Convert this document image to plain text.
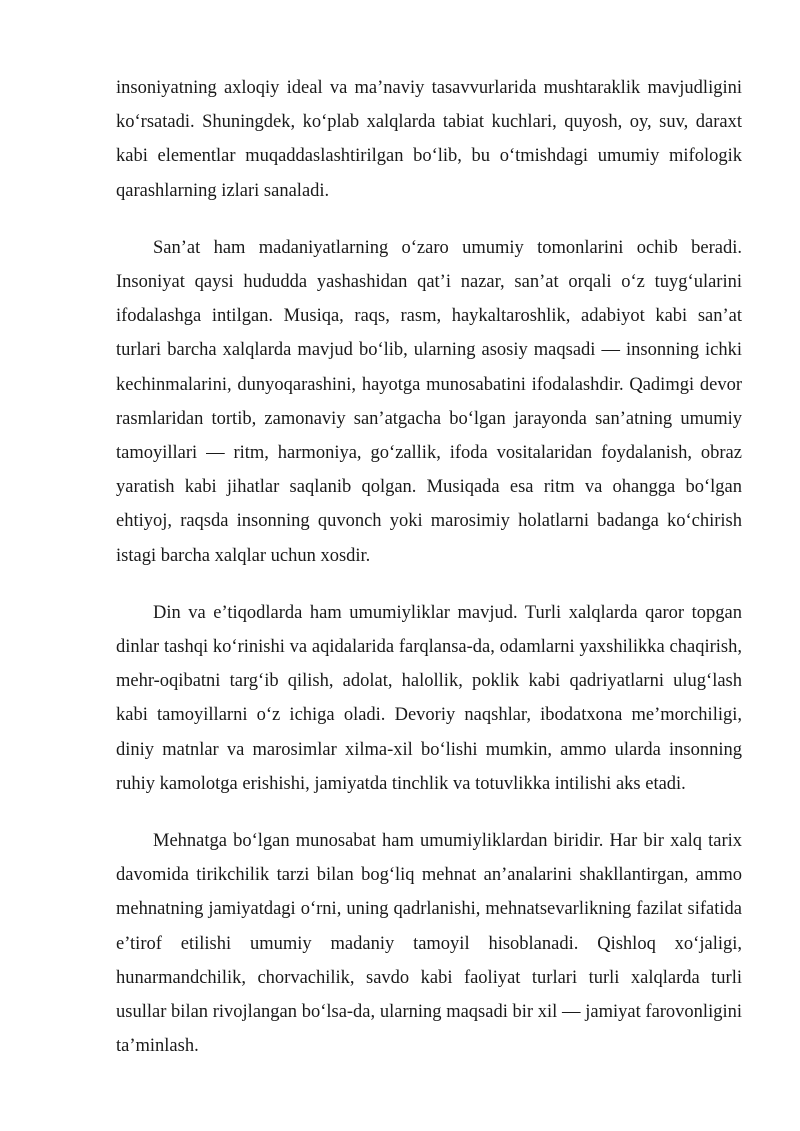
insoniyatning axloqiy ideal va ma’naviy tasavvurlarida mushtaraklik mavjudligini ko‘rsatadi. Shuningdek, ko‘plab xalqlarda tabiat kuchlari, quyosh, oy, suv, daraxt kabi elementlar muqaddaslashtirilgan bo‘lib, bu o‘tmishdagi umumiy mifologik qarashlarning izlari sanaladi.

San’at ham madaniyatlarning o‘zaro umumiy tomonlarini ochib beradi. Insoniyat qaysi hududda yashashidan qat’i nazar, san’at orqali o‘z tuyg‘ularini ifodalashga intilgan. Musiqa, raqs, rasm, haykaltaroshlik, adabiyot kabi san’at turlari barcha xalqlarda mavjud bo‘lib, ularning asosiy maqsadi — insonning ichki kechinmalarini, dunyoqarashini, hayotga munosabatini ifodalashdir. Qadimgi devor rasmlaridan tortib, zamonaviy san’atgacha bo‘lgan jarayonda san’atning umumiy tamoyillari — ritm, harmoniya, go‘zallik, ifoda vositalaridan foydalanish, obraz yaratish kabi jihatlar saqlanib qolgan. Musiqada esa ritm va ohangga bo‘lgan ehtiyoj, raqsda insonning quvonch yoki marosimiy holatlarni badanga ko‘chirish istagi barcha xalqlar uchun xosdir.

Din va e’tiqodlarda ham umumiyliklar mavjud. Turli xalqlarda qaror topgan dinlar tashqi ko‘rinishi va aqidalarida farqlansa-da, odamlarni yaxshilikka chaqirish, mehr-oqibatni targ‘ib qilish, adolat, halollik, poklik kabi qadriyatlarni ulug‘lash kabi tamoyillarni o‘z ichiga oladi. Devoriy naqshlar, ibodatxona me’morchiligi, diniy matnlar va marosimlar xilma-xil bo‘lishi mumkin, ammo ularda insonning ruhiy kamolotga erishishi, jamiyatda tinchlik va totuvlikka intilishi aks etadi.

Mehnatga bo‘lgan munosabat ham umumiyliklardan biridir. Har bir xalq tarix davomida tirikchilik tarzi bilan bog‘liq mehnat an’analarini shakllantirgan, ammo mehnatning jamiyatdagi o‘rni, uning qadrlanishi, mehnatsevarlikning fazilat sifatida e’tirof etilishi umumiy madaniy tamoyil hisoblanadi. Qishloq xo‘jaligi, hunarmandchilik, chorvachilik, savdo kabi faoliyat turlari turli xalqlarda turli usullar bilan rivojlangan bo‘lsa-da, ularning maqsadi bir xil — jamiyat farovonligini ta’minlash.
